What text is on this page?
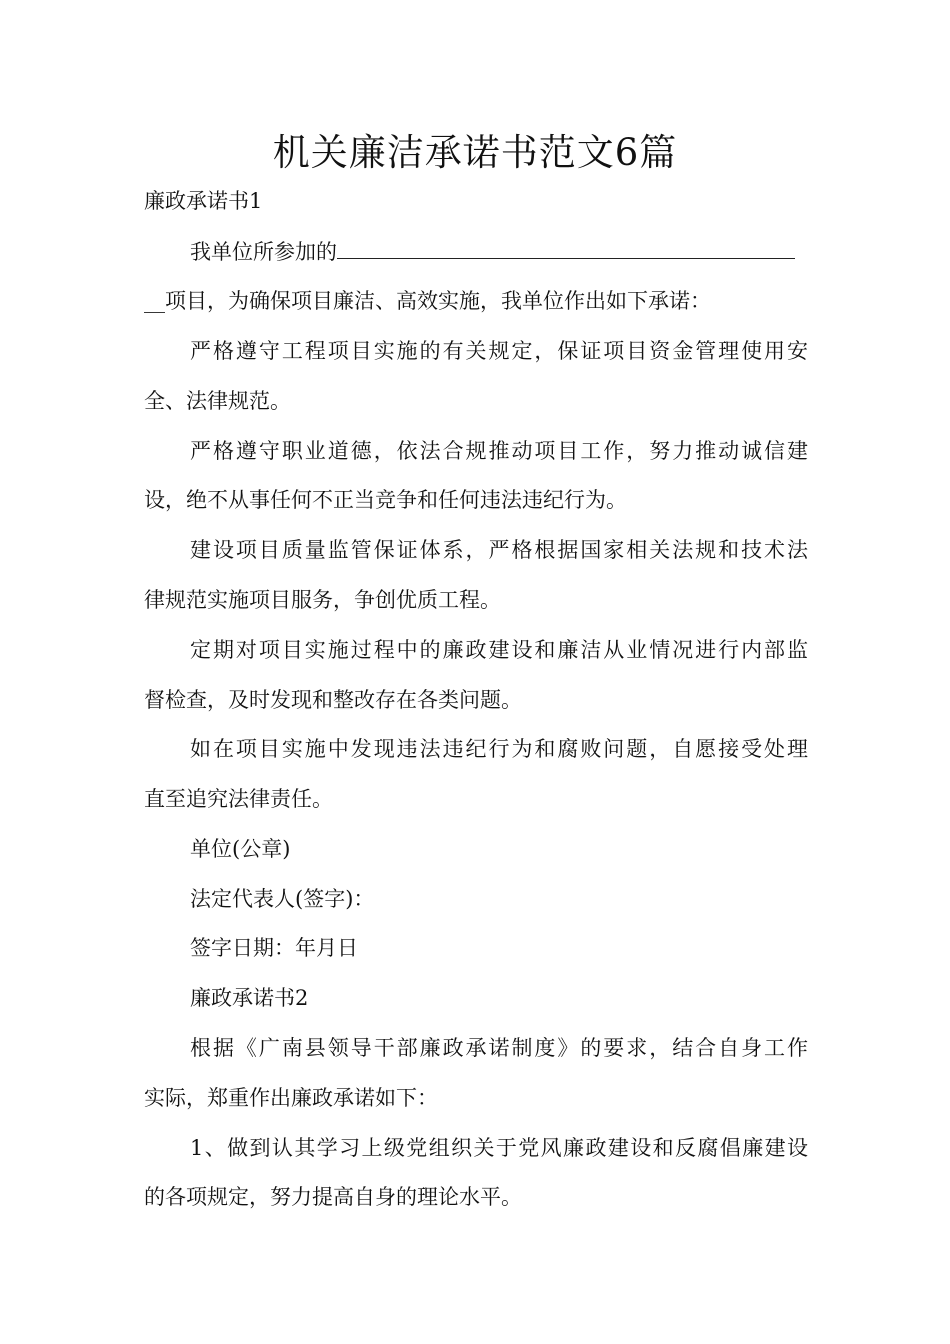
机关廉洁承诺书范文6篇
廉政承诺书1
我单位所参加的
__项目，为确保项目廉洁、高效实施，我单位作出如下承诺：
严格遵守工程项目实施的有关规定，保证项目资金管理使用安
全、法律规范。
严格遵守职业道德，依法合规推动项目工作，努力推动诚信建
设，绝不从事任何不正当竞争和任何违法违纪行为。
建设项目质量监管保证体系，严格根据国家相关法规和技术法
律规范实施项目服务，争创优质工程。
定期对项目实施过程中的廉政建设和廉洁从业情况进行内部监
督检查，及时发现和整改存在各类问题。
如在项目实施中发现违法违纪行为和腐败问题，自愿接受处理
直至追究法律责任。
单位(公章)
法定代表人(签字)：
签字日期：年月日
廉政承诺书2
根据《广南县领导干部廉政承诺制度》的要求，结合自身工作
实际，郑重作出廉政承诺如下：
1、做到认其学习上级党组织关于党风廉政建设和反腐倡廉建设
的各项规定，努力提高自身的理论水平。
